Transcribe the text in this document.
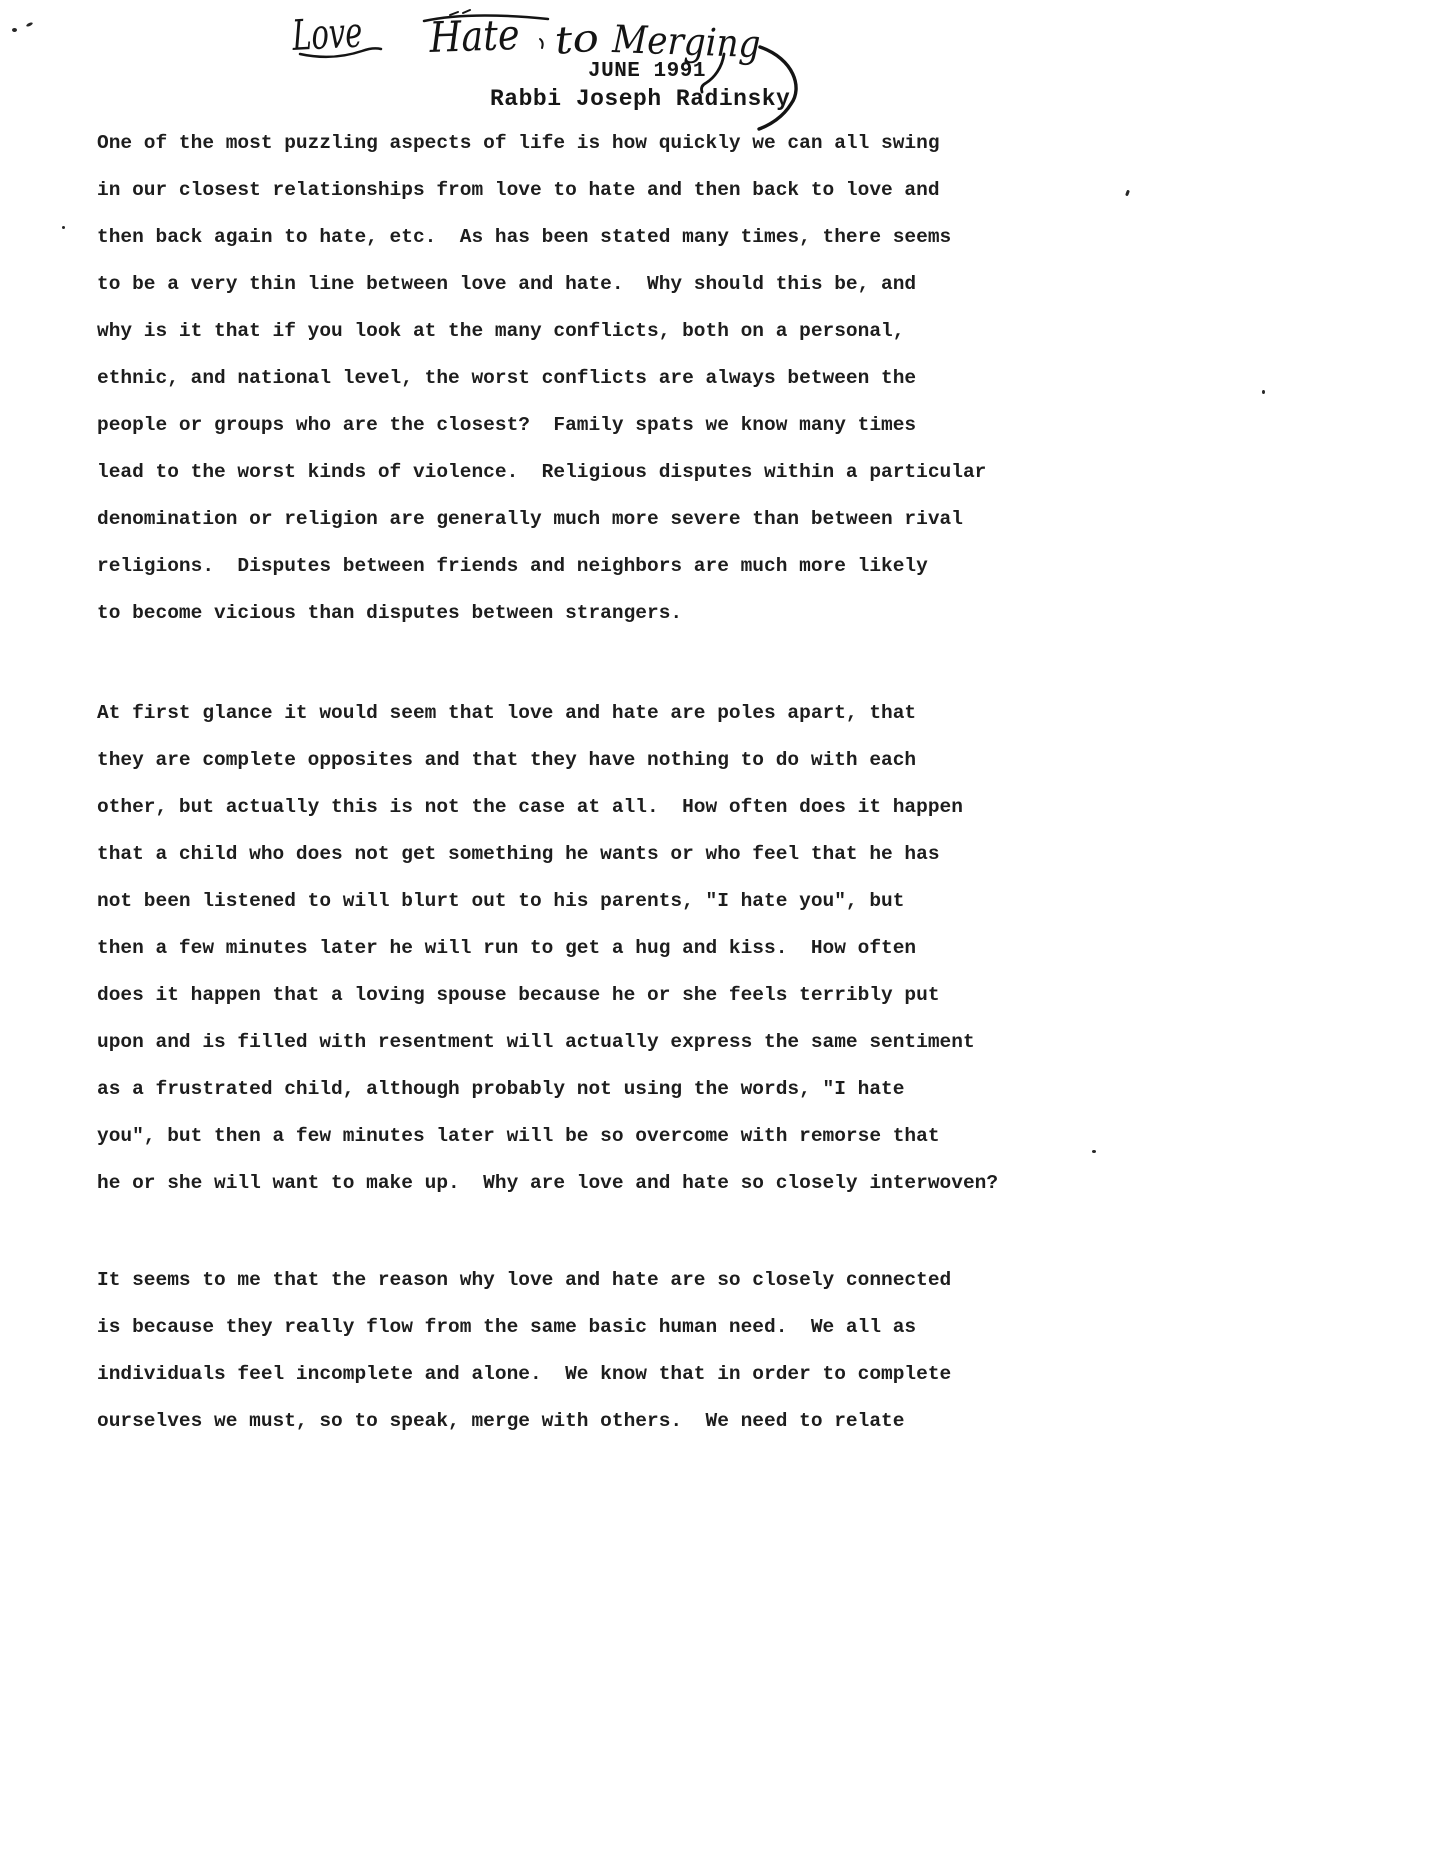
Love Hate to Merging
JUNE 1991
Rabbi Joseph Radinsky
One of the most puzzling aspects of life is how quickly we can all swing
in our closest relationships from love to hate and then back to love and
then back again to hate, etc.  As has been stated many times, there seems
to be a very thin line between love and hate.  Why should this be, and
why is it that if you look at the many conflicts, both on a personal,
ethnic, and national level, the worst conflicts are always between the
people or groups who are the closest?  Family spats we know many times
lead to the worst kinds of violence.  Religious disputes within a particular
denomination or religion are generally much more severe than between rival
religions.  Disputes between friends and neighbors are much more likely
to become vicious than disputes between strangers.
At first glance it would seem that love and hate are poles apart, that
they are complete opposites and that they have nothing to do with each
other, but actually this is not the case at all.  How often does it happen
that a child who does not get something he wants or who feel that he has
not been listened to will blurt out to his parents, "I hate you", but
then a few minutes later he will run to get a hug and kiss.  How often
does it happen that a loving spouse because he or she feels terribly put
upon and is filled with resentment will actually express the same sentiment
as a frustrated child, although probably not using the words, "I hate
you", but then a few minutes later will be so overcome with remorse that
he or she will want to make up.  Why are love and hate so closely interwoven?
It seems to me that the reason why love and hate are so closely connected
is because they really flow from the same basic human need.  We all as
individuals feel incomplete and alone.  We know that in order to complete
ourselves we must, so to speak, merge with others.  We need to relate
